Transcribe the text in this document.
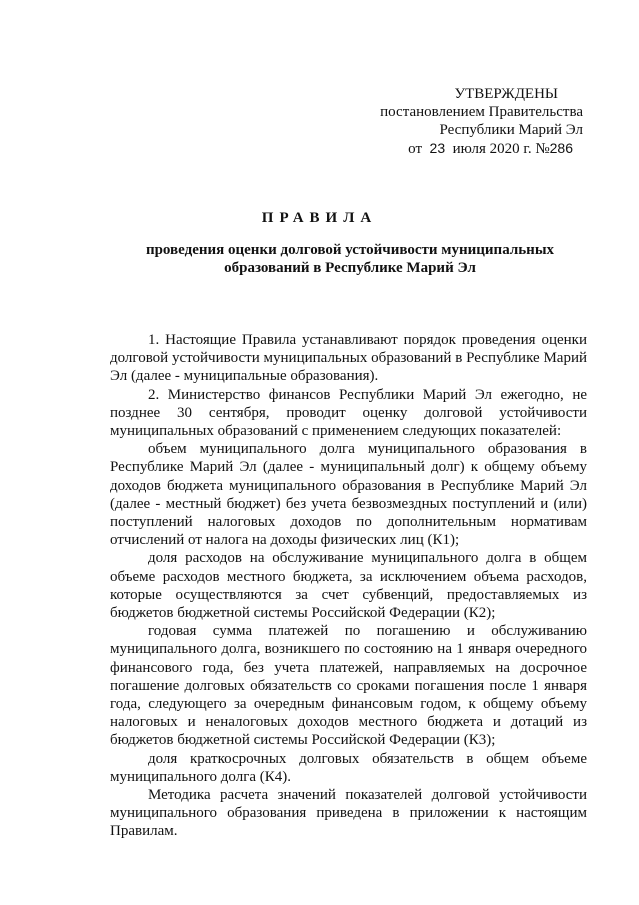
УТВЕРЖДЕНЫ
постановлением Правительства
Республики Марий Эл
от 23 июля 2020 г. №286
ПРАВИЛА
проведения оценки долговой устойчивости муниципальных образований в Республике Марий Эл

1. Настоящие Правила устанавливают порядок проведения оценки долговой устойчивости муниципальных образований в Республике Марий Эл (далее - муниципальные образования).

2. Министерство финансов Республики Марий Эл ежегодно, не позднее 30 сентября, проводит оценку долговой устойчивости муниципальных образований с применением следующих показателей:

объем муниципального долга муниципального образования в Республике Марий Эл (далее - муниципальный долг) к общему объему доходов бюджета муниципального образования в Республике Марий Эл (далее - местный бюджет) без учета безвозмездных поступлений и (или) поступлений налоговых доходов по дополнительным нормативам отчислений от налога на доходы физических лиц (К1);

доля расходов на обслуживание муниципального долга в общем объеме расходов местного бюджета, за исключением объема расходов, которые осуществляются за счет субвенций, предоставляемых из бюджетов бюджетной системы Российской Федерации (К2);

годовая сумма платежей по погашению и обслуживанию муниципального долга, возникшего по состоянию на 1 января очередного финансового года, без учета платежей, направляемых на досрочное погашение долговых обязательств со сроками погашения после 1 января года, следующего за очередным финансовым годом, к общему объему налоговых и неналоговых доходов местного бюджета и дотаций из бюджетов бюджетной системы Российской Федерации (К3);

доля краткосрочных долговых обязательств в общем объеме муниципального долга (К4).

Методика расчета значений показателей долговой устойчивости муниципального образования приведена в приложении к настоящим Правилам.
